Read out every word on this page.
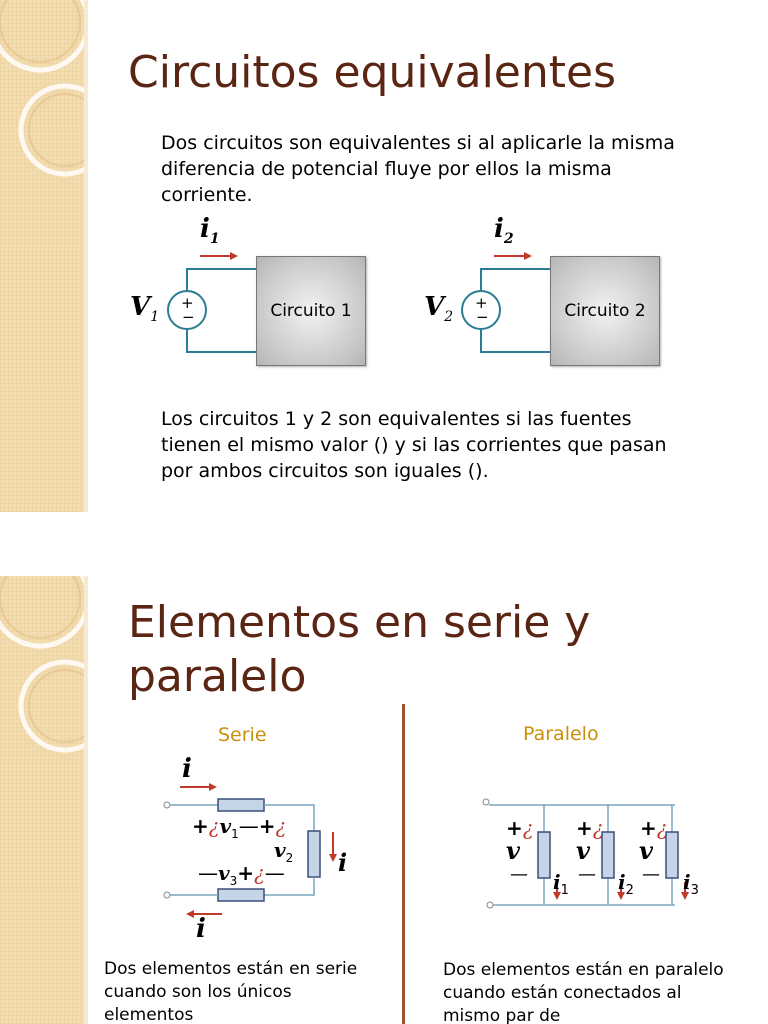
Circuitos equivalentes

Dos circuitos son equivalentes si al aplicarle la misma diferencia de potencial fluye por ellos la misma corriente.

Circuito 1	Circuito 2
$i_1$
$V_1$
+
−
$i_2$
$V_2$
+
−

Los circuitos 1 y 2 son equivalentes si las fuentes tienen el mismo valor () y si las corrientes que pasan por ambos circuitos son iguales ().

Elementos en serie y
paralelo
Serie	Paralelo
i
$+¿v_1—+¿$
$v_2$ i
$—v_3+¿—$
i
+¿ +¿ +¿
v v v
—	—	—
$i_1$ $i_2$ $i_3$

Dos elementos están en serie cuando son los únicos elementos

Dos elementos están en paralelo cuando están conectados al mismo par de
